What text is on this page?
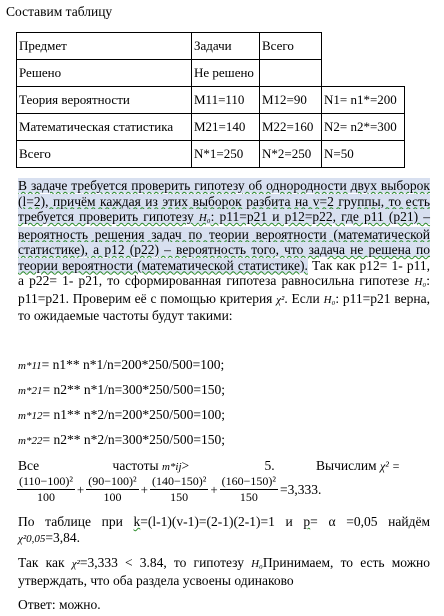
Составим таблицу
Предмет	Задачи	Всего	
Решено	Не решено		
Теория вероятности	M11=110	M12=90	N1= n1*=200
Математическая статистика	M21=140	M22=160	N2= n2*=300
Всего	N*1=250	N*2=250	N=50
В задаче требуется проверить гипотезу об однородности двух выборок (l=2), причём каждая из этих выборок разбита на v=2 группы, то есть требуется проверить гипотезу H₀: p11=p21 и p12=p22, где p11 (p21) – вероятность решения задач по теории вероятности (математической статистике), а p12 (p22) – вероятность того, что задача не решена по теории вероятности (математической статистике). Так как p12= 1- p11, а p22= 1- p21, то сформированная гипотеза равносильна гипотезе H₀: p11=p21. Проверим её с помощью критерия χ². Если H₀: p11=p21 верна, то ожидаемые частоты будут такими:
m*11= n1** n*1/n=200*250/500=100;
m*21= n2** n*1/n=300*250/500=150;
m*12= n1** n*2/n=200*250/500=100;
m*22= n2** n*2/n=300*250/500=150;
Все	частоты m*ij>	5.	Вычислим χ² =
$\frac{\text{(110−100)²}}{100} + \frac{\text{(90−100)²}}{100} + \frac{\text{(140−150)²}}{150} + \frac{\text{(160−150)²}}{150} =3,333$.
По таблице при k=(l-1)(v-1)=(2-1)(2-1)=1 и p= α =0,05 найдём χ²0,05=3,84.
Так как χ²=3,333 < 3.84, то гипотезу H₀Принимаем, то есть можно утверждать, что оба раздела усвоены одинаково
Ответ: можно.
